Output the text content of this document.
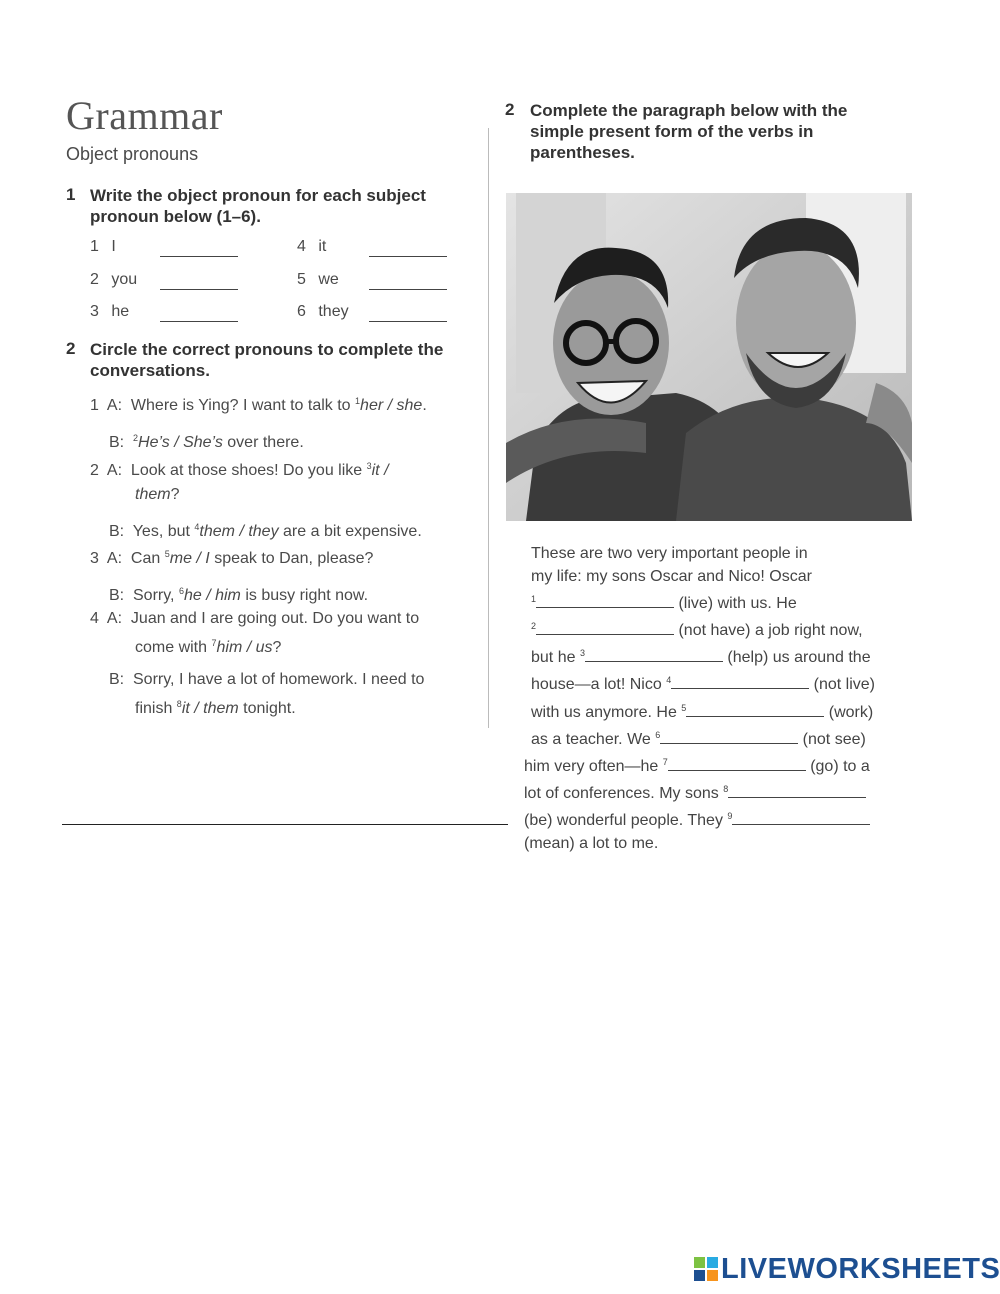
Grammar
Object pronouns
1 Write the object pronoun for each subject pronoun below (1–6).
1 I	4 it
2 you	5 we
3 he	6 they
2 Circle the correct pronouns to complete the conversations.
1  A:  Where is Ying? I want to talk to $^1$her / she.
B:  $^2$He’s / She’s over there.
2  A:  Look at those shoes! Do you like $^3$it /
them?
B:  Yes, but $^4$them / they are a bit expensive.
3  A:  Can $^5$me / I speak to Dan, please?
B:  Sorry, $^6$he / him is busy right now.
4  A:  Juan and I are going out. Do you want to
come with $^7$him / us?
B:  Sorry, I have a lot of homework. I need to
finish $^8$it / them tonight.
2 Complete the paragraph below with the simple present form of the verbs in parentheses.
These are two very important people in
my life: my sons Oscar and Nico! Oscar
$^1$	(live) with us. He
$^2$	(not have) a job right now,
but he $^3$	(help) us around the
house—a lot! Nico $^4$	(not live)
with us anymore. He $^5$	(work)
as a teacher. We $^6$	(not see)
him very often—he $^7$	(go) to a
lot of conferences. My sons $^8$
(be) wonderful people. They $^9$
(mean) a lot to me.
LIVEWORKSHEETS
